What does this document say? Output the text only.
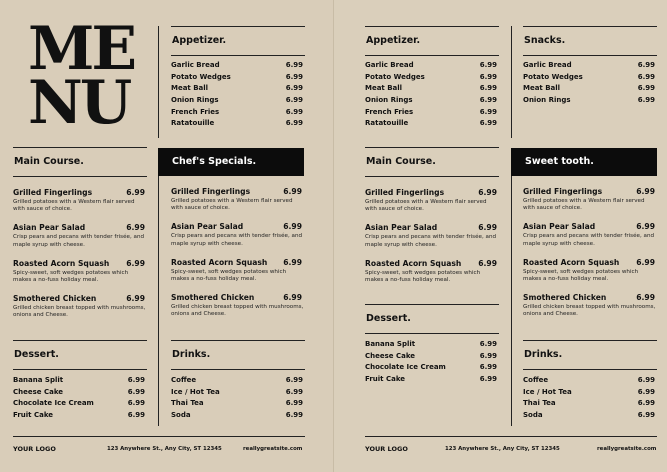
ME
NU
Appetizer.
Garlic Bread	6.99
Potato Wedges	6.99
Meat Ball	6.99
Onion Rings	6.99
French Fries	6.99
Ratatouille	6.99
Main Course.
Grilled Fingerlings	6.99
Grilled potatoes with a Western flair served with sauce of choice.
Asian Pear Salad	6.99
Crisp pears and pecans with tender frisée, and maple syrup with cheese.
Roasted Acorn Squash 6.99
Spicy-sweet, soft wedges potatoes which makes a no-fuss holiday meal.
Smothered Chicken	6.99
Grilled chicken breast topped with mushrooms, onions and Cheese.
Chef's Specials.
Grilled Fingerlings	6.99
Grilled potatoes with a Western flair served with sauce of choice.
Asian Pear Salad	6.99
Crisp pears and pecans with tender frisée, and maple syrup with cheese.
Roasted Acorn Squash 6.99
Spicy-sweet, soft wedges potatoes which makes a no-fuss holiday meal.
Smothered Chicken	6.99
Grilled chicken breast topped with mushrooms, onions and Cheese.
Dessert.
Banana Split	6.99
Cheese Cake	6.99
Chocolate Ice Cream	6.99
Fruit Cake	6.99
Drinks.
Coffee	6.99
Ice / Hot Tea	6.99
Thai Tea	6.99
Soda	6.99
YOUR LOGO	123 Anywhere St., Any City, ST 12345	reallygreatsite.com
Appetizer.
Garlic Bread	6.99
Potato Wedges	6.99
Meat Ball	6.99
Onion Rings	6.99
French Fries	6.99
Ratatouille	6.99
Snacks.
Garlic Bread	6.99
Potato Wedges	6.99
Meat Ball	6.99
Onion Rings	6.99
Main Course.
Grilled Fingerlings	6.99
Grilled potatoes with a Western flair served with sauce of choice.
Asian Pear Salad	6.99
Crisp pears and pecans with tender frisée, and maple syrup with cheese.
Roasted Acorn Squash 6.99
Spicy-sweet, soft wedges potatoes which makes a no-fuss holiday meal.
Sweet tooth.
Grilled Fingerlings	6.99
Grilled potatoes with a Western flair served with sauce of choice.
Asian Pear Salad	6.99
Crisp pears and pecans with tender frisée, and maple syrup with cheese.
Roasted Acorn Squash 6.99
Spicy-sweet, soft wedges potatoes which makes a no-fuss holiday meal.
Smothered Chicken	6.99
Grilled chicken breast topped with mushrooms, onions and Cheese.
Dessert.
Banana Split	6.99
Cheese Cake	6.99
Chocolate Ice Cream	6.99
Fruit Cake	6.99
Drinks.
Coffee	6.99
Ice / Hot Tea	6.99
Thai Tea	6.99
Soda	6.99
YOUR LOGO	123 Anywhere St., Any City, ST 12345	reallygreatsite.com
